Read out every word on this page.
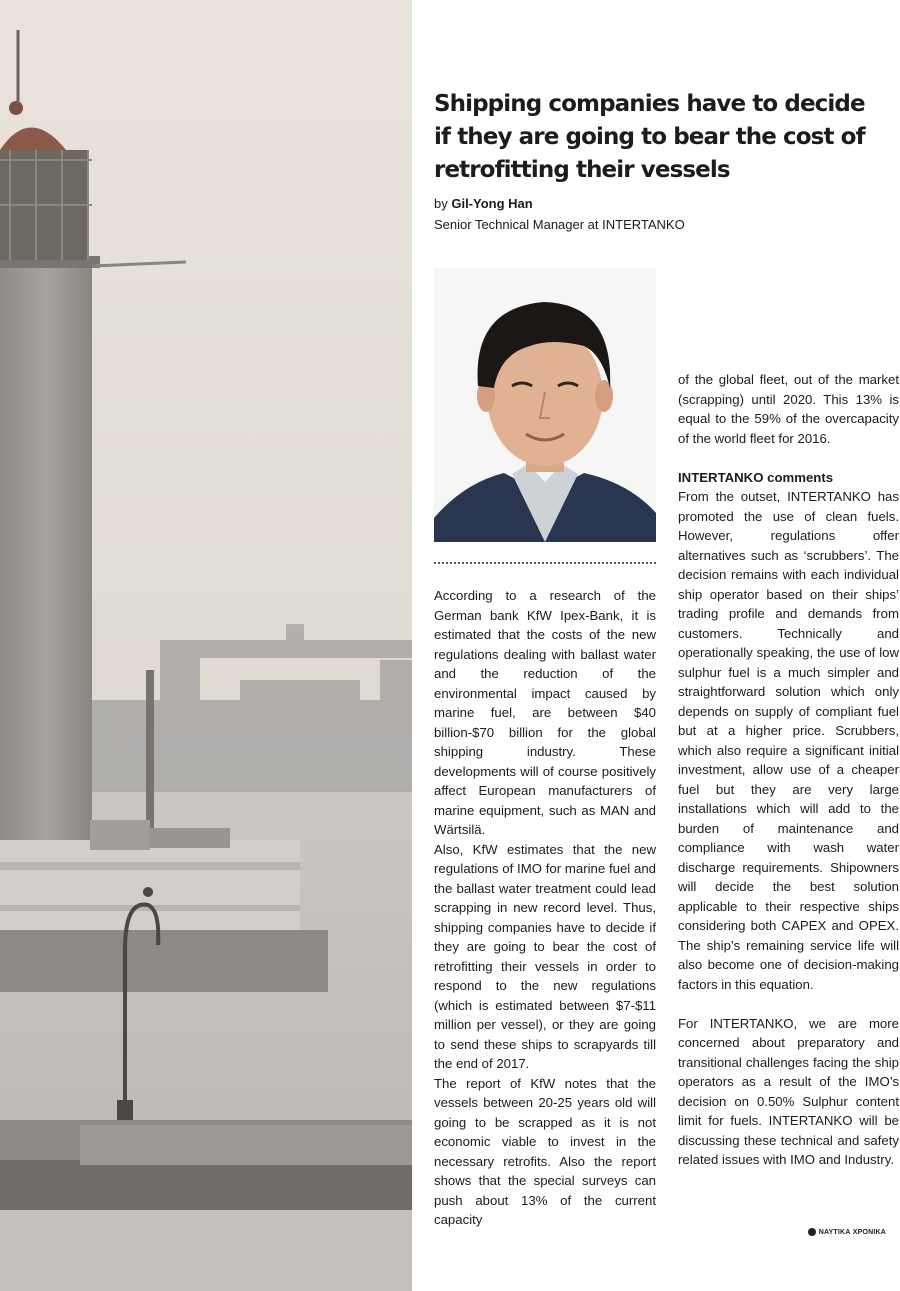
Shipping companies have to decide if they are going to bear the cost of retrofitting their vessels
by Gil-Yong Han
Senior Technical Manager at INTERTANKO

According to a research of the German bank KfW Ipex-Bank, it is estimated that the costs of the new regulations dealing with ballast water and the reduction of the environmental impact caused by marine fuel, are between $40 billion-$70 billion for the global shipping industry. These developments will of course positively affect European manufacturers of marine equipment, such as MAN and Wärtsilä.

Also, KfW estimates that the new regulations of IMO for marine fuel and the ballast water treatment could lead scrapping in new record level. Thus, shipping companies have to decide if they are going to bear the cost of retrofitting their vessels in order to respond to the new regulations (which is estimated between $7-$11 million per vessel), or they are going to send these ships to scrapyards till the end of 2017.

The report of KfW notes that the vessels between 20-25 years old will going to be scrapped as it is not economic viable to invest in the necessary retrofits. Also the report shows that the special surveys can push about 13% of the current capacity

of the global fleet, out of the market (scrapping) until 2020. This 13% is equal to the 59% of the overcapacity of the world fleet for 2016.

INTERTANKO comments

From the outset, INTERTANKO has promoted the use of clean fuels. However, regulations offer alternatives such as ‘scrubbers’. The decision remains with each individual ship operator based on their ships’ trading profile and demands from customers. Technically and operationally speaking, the use of low sulphur fuel is a much simpler and straightforward solution which only depends on supply of compliant fuel but at a higher price. Scrubbers, which also require a significant initial investment, allow use of a cheaper fuel but they are very large installations which will add to the burden of maintenance and compliance with wash water discharge requirements. Shipowners will decide the best solution applicable to their respective ships considering both CAPEX and OPEX. The ship’s remaining service life will also become one of decision-making factors in this equation.

For INTERTANKO, we are more concerned about preparatory and transitional challenges facing the ship operators as a result of the IMO’s decision on 0.50% Sulphur content limit for fuels. INTERTANKO will be discussing these technical and safety related issues with IMO and Industry.

ΝΑΥΤΙΚΑ ΧΡΟΝΙΚΑ
